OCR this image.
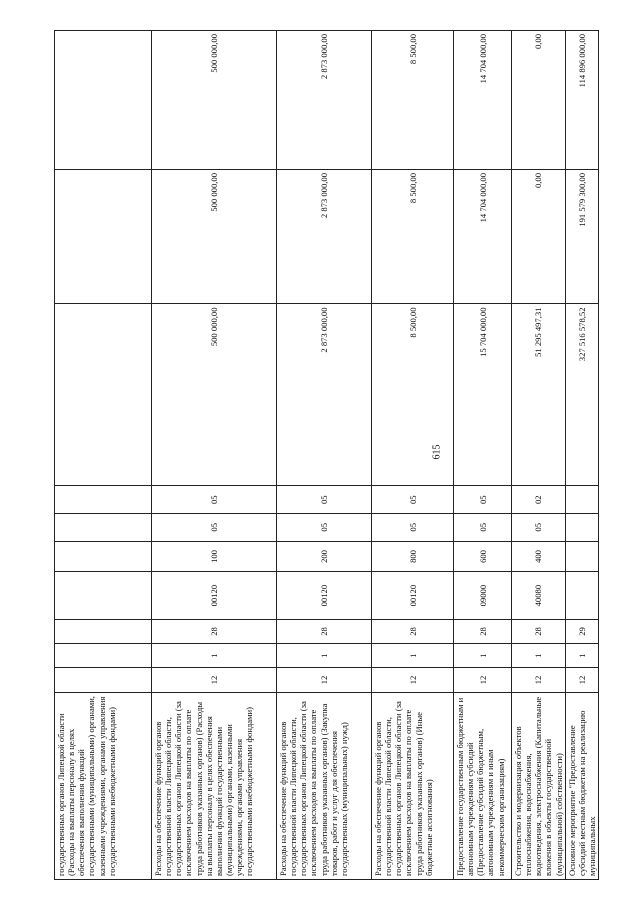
615
государственных органов Липецкой области (Расходы на выплаты персоналу в целях обеспечения выполнения функций государственными (муниципальными) органами, казенными учреждениями, органами управления государственными внебюджетными фондами)										
Расходы на обеспечение функций органов государственной власти Липецкой области, государственных органов Липецкой области (за исключением расходов на выплаты по оплате труда работников указанных органов) (Расходы на выплаты персоналу в целях обеспечения выполнения функций государственными (муниципальными) органами, казенными учреждениями, органами управления государственными внебюджетными фондами)	12	1	28	00120	100	05	05	500 000,00	500 000,00	500 000,00
Расходы на обеспечение функций органов государственной власти Липецкой области, государственных органов Липецкой области (за исключением расходов на выплаты по оплате труда работников указанных органов) (Закупка товаров, работ и услуг для обеспечения государственных (муниципальных) нужд)	12	1	28	00120	200	05	05	2 873 000,00	2 873 000,00	2 873 000,00
Расходы на обеспечение функций органов государственной власти Липецкой области, государственных органов Липецкой области (за исключением расходов на выплаты по оплате труда работников указанных органов) (Иные бюджетные ассигнования)	12	1	28	00120	800	05	05	8 500,00	8 500,00	8 500,00
Предоставление государственным бюджетным и автономным учреждениям субсидий (Предоставление субсидий бюджетным, автономным учреждениям и иным некоммерческим организациям)	12	1	28	09000	600	05	05	15 704 000,00	14 704 000,00	14 704 000,00
Строительство и модернизация объектов теплоснабжения, водоснабжения, водоотведения, электроснабжения (Капитальные вложения в объекты государственной (муниципальной) собственности)	12	1	28	40080	400	05	02	51 295 497,31	0,00	0,00
Основное мероприятие "Предоставление субсидий местным бюджетам на реализацию муниципальных	12	1	29					327 516 578,52	191 579 300,00	114 896 000,00
